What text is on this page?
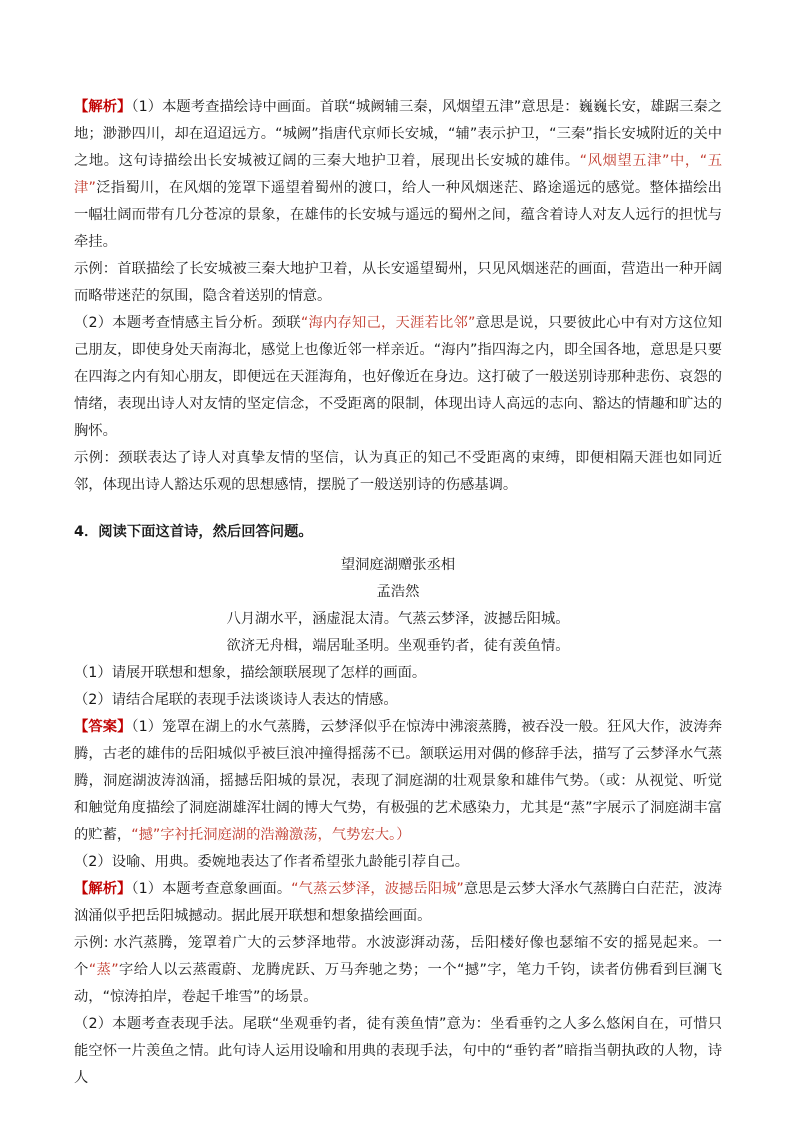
【解析】（1）本题考查描绘诗中画面。首联“城阙辅三秦，风烟望五津”意思是：巍巍长安，雄踞三秦之地；渺渺四川，却在迢迢远方。“城阙”指唐代京师长安城，“辅”表示护卫，“三秦”指长安城附近的关中之地。这句诗描绘出长安城被辽阔的三秦大地护卫着，展现出长安城的雄伟。“风烟望五津”中，“五津”泛指蜀川，在风烟的笼罩下遥望着蜀州的渡口，给人一种风烟迷茫、路途遥远的感觉。整体描绘出一幅壮阔而带有几分苍凉的景象，在雄伟的长安城与遥远的蜀州之间，蕴含着诗人对友人远行的担忧与牵挂。

示例：首联描绘了长安城被三秦大地护卫着，从长安遥望蜀州，只见风烟迷茫的画面，营造出一种开阔而略带迷茫的氛围，隐含着送别的情意。

（2）本题考查情感主旨分析。颈联“海内存知己，天涯若比邻”意思是说，只要彼此心中有对方这位知己朋友，即使身处天南海北，感觉上也像近邻一样亲近。“海内”指四海之内，即全国各地，意思是只要在四海之内有知心朋友，即便远在天涯海角，也好像近在身边。这打破了一般送别诗那种悲伤、哀怨的情绪，表现出诗人对友情的坚定信念，不受距离的限制，体现出诗人高远的志向、豁达的情趣和旷达的胸怀。

示例：颈联表达了诗人对真挚友情的坚信，认为真正的知己不受距离的束缚，即便相隔天涯也如同近邻，体现出诗人豁达乐观的思想感情，摆脱了一般送别诗的伤感基调。

4．阅读下面这首诗，然后回答问题。

望洞庭湖赠张丞相

孟浩然

八月湖水平，涵虚混太清。气蒸云梦泽，波撼岳阳城。

欲济无舟楫，端居耻圣明。坐观垂钓者，徒有羡鱼情。

（1）请展开联想和想象，描绘颔联展现了怎样的画面。

（2）请结合尾联的表现手法谈谈诗人表达的情感。

【答案】（1）笼罩在湖上的水气蒸腾，云梦泽似乎在惊涛中沸滚蒸腾，被吞没一般。狂风大作，波涛奔腾，古老的雄伟的岳阳城似乎被巨浪冲撞得摇荡不已。颔联运用对偶的修辞手法，描写了云梦泽水气蒸腾，洞庭湖波涛汹涌，摇撼岳阳城的景况，表现了洞庭湖的壮观景象和雄伟气势。（或：从视觉、听觉和触觉角度描绘了洞庭湖雄浑壮阔的博大气势，有极强的艺术感染力，尤其是“蒸”字展示了洞庭湖丰富的贮蓄，“撼”字衬托洞庭湖的浩瀚激荡，气势宏大。）

（2）设喻、用典。委婉地表达了作者希望张九龄能引荐自己。

【解析】（1）本题考查意象画面。“气蒸云梦泽，波撼岳阳城”意思是云梦大泽水气蒸腾白白茫茫，波涛汹涌似乎把岳阳城撼动。据此展开联想和想象描绘画面。

示例: 水汽蒸腾，笼罩着广大的云梦泽地带。水波澎湃动荡，岳阳楼好像也瑟缩不安的摇晃起来。一个“蒸”字给人以云蒸霞蔚、龙腾虎跃、万马奔驰之势；一个“撼”字，笔力千钧，读者仿佛看到巨澜飞动，“惊涛拍岸，卷起千堆雪”的场景。

（2）本题考查表现手法。尾联“坐观垂钓者，徒有羡鱼情”意为：坐看垂钓之人多么悠闲自在，可惜只能空怀一片羡鱼之情。此句诗人运用设喻和用典的表现手法，句中的“垂钓者”暗指当朝执政的人物，诗人
